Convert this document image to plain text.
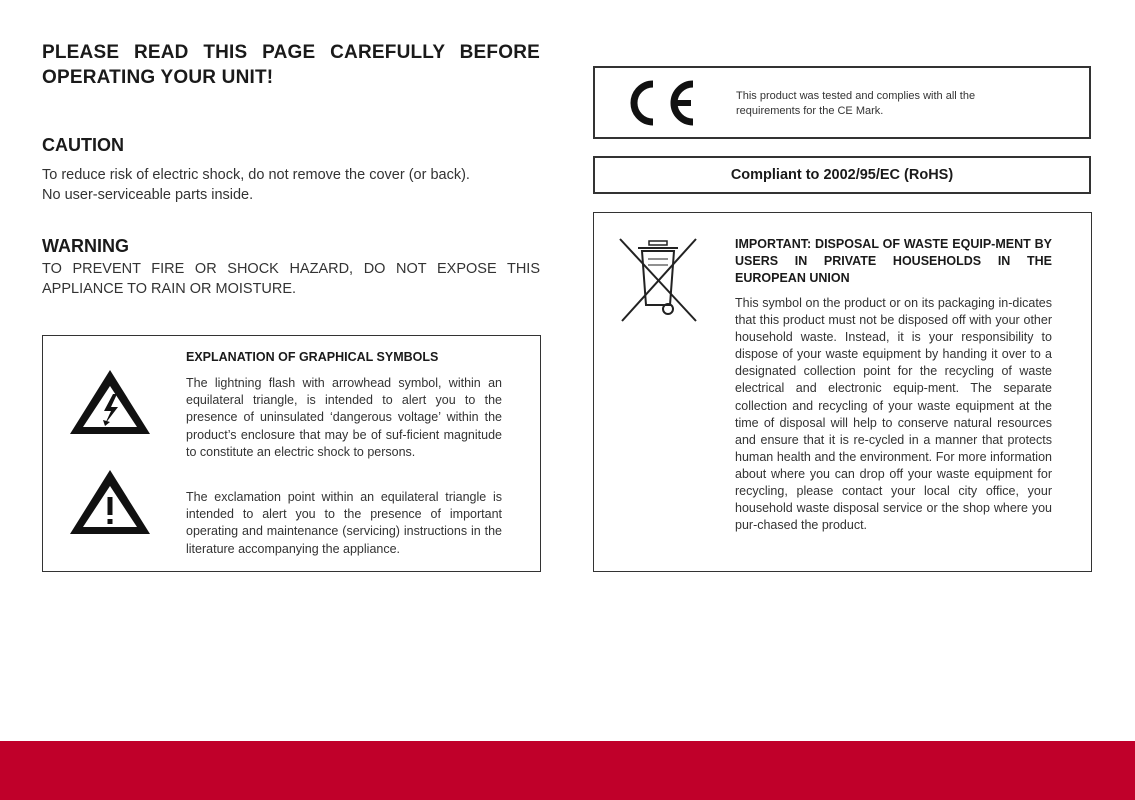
PLEASE READ THIS PAGE CAREFULLY BEFORE OPERATING YOUR UNIT!
CAUTION
To reduce risk of electric shock, do not remove the cover (or back).
No user-serviceable parts inside.
WARNING
TO PREVENT FIRE OR SHOCK HAZARD, DO NOT EXPOSE THIS APPLIANCE TO RAIN OR MOISTURE.
EXPLANATION OF GRAPHICAL SYMBOLS
The lightning flash with arrowhead symbol, within an equilateral triangle, is intended to alert you to the presence of uninsulated ‘dangerous voltage’ within the product’s enclosure that may be of suf-ficient magnitude to constitute an electric shock to persons.
The exclamation point within an equilateral triangle is intended to alert you to the presence of important operating and maintenance (servicing) instructions in the literature accompanying the appliance.
This product was tested and complies with all the requirements for the CE Mark.
Compliant to 2002/95/EC (RoHS)
IMPORTANT: DISPOSAL OF WASTE EQUIP-MENT BY USERS IN PRIVATE HOUSEHOLDS IN THE EUROPEAN UNION
This symbol on the product or on its packaging in-dicates that this product must not be disposed off with your other household waste. Instead, it is your responsibility to dispose of your waste equipment by handing it over to a designated collection point for the recycling of waste electrical and electronic equip-ment. The separate collection and recycling of your waste equipment at the time of disposal will help to conserve natural resources and ensure that it is re-cycled in a manner that protects human health and the environment. For more information about where you can drop off your waste equipment for recycling, please contact your local city office, your household waste disposal service or the shop where you pur-chased the product.
